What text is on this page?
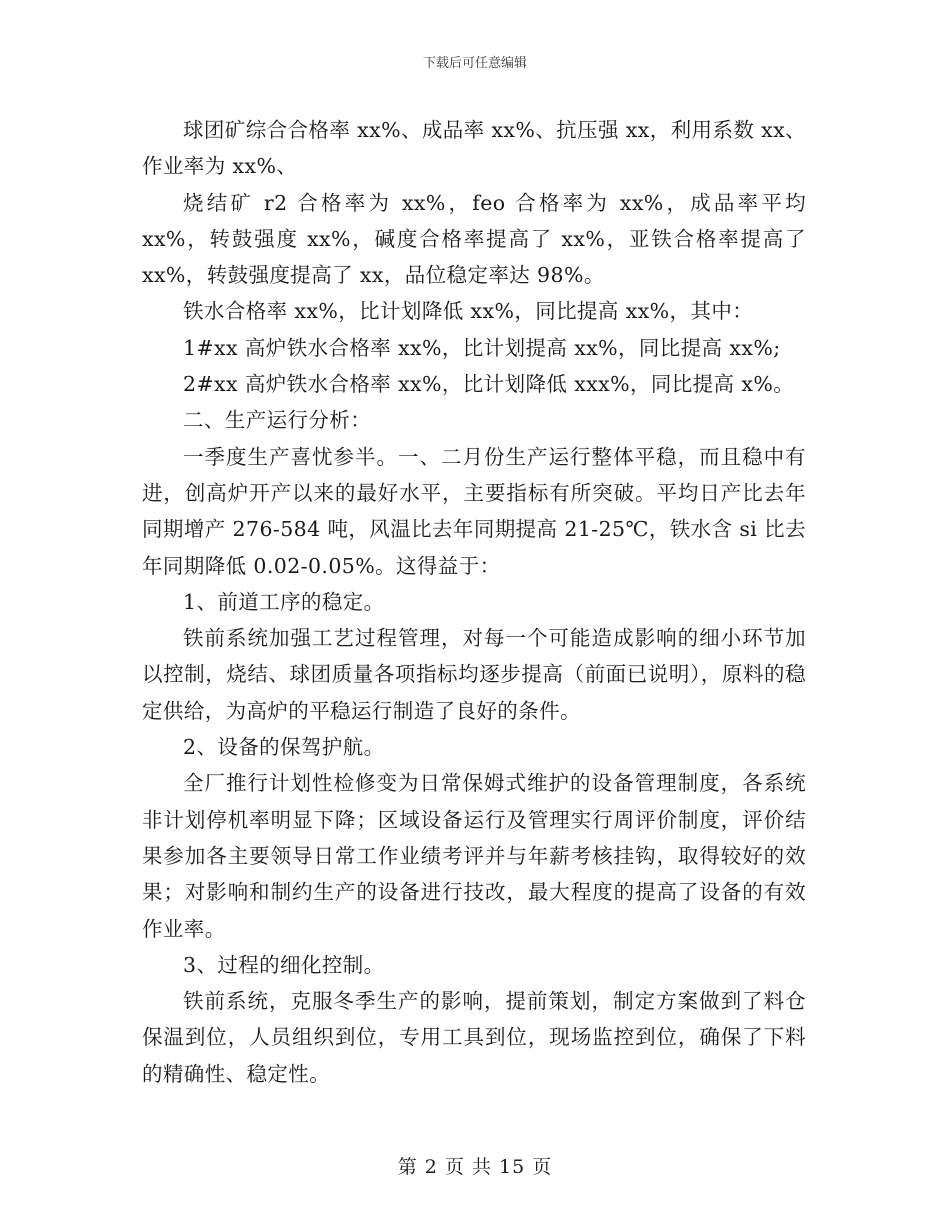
下载后可任意编辑

球团矿综合合格率 xx%、成品率 xx%、抗压强 xx，利用系数 xx、作业率为 xx%、

烧结矿 r2 合格率为 xx%，feo 合格率为 xx%，成品率平均 xx%，转鼓强度 xx%，碱度合格率提高了 xx%，亚铁合格率提高了 xx%，转鼓强度提高了 xx，品位稳定率达 98%。

铁水合格率 xx%，比计划降低 xx%，同比提高 xx%，其中：

1#xx 高炉铁水合格率 xx%，比计划提高 xx%，同比提高 xx%;

2#xx 高炉铁水合格率 xx%，比计划降低 xxx%，同比提高 x%。

二、生产运行分析：

一季度生产喜忧参半。一、二月份生产运行整体平稳，而且稳中有进，创高炉开产以来的最好水平，主要指标有所突破。平均日产比去年同期增产 276-584 吨，风温比去年同期提高 21-25℃，铁水含 si 比去年同期降低 0.02-0.05%。这得益于：

1、前道工序的稳定。

铁前系统加强工艺过程管理，对每一个可能造成影响的细小环节加以控制，烧结、球团质量各项指标均逐步提高（前面已说明），原料的稳定供给，为高炉的平稳运行制造了良好的条件。

2、设备的保驾护航。

全厂推行计划性检修变为日常保姆式维护的设备管理制度，各系统非计划停机率明显下降；区域设备运行及管理实行周评价制度，评价结果参加各主要领导日常工作业绩考评并与年薪考核挂钩，取得较好的效果；对影响和制约生产的设备进行技改，最大程度的提高了设备的有效作业率。

3、过程的细化控制。

铁前系统，克服冬季生产的影响，提前策划，制定方案做到了料仓保温到位，人员组织到位，专用工具到位，现场监控到位，确保了下料的精确性、稳定性。

第 2 页 共 15 页
